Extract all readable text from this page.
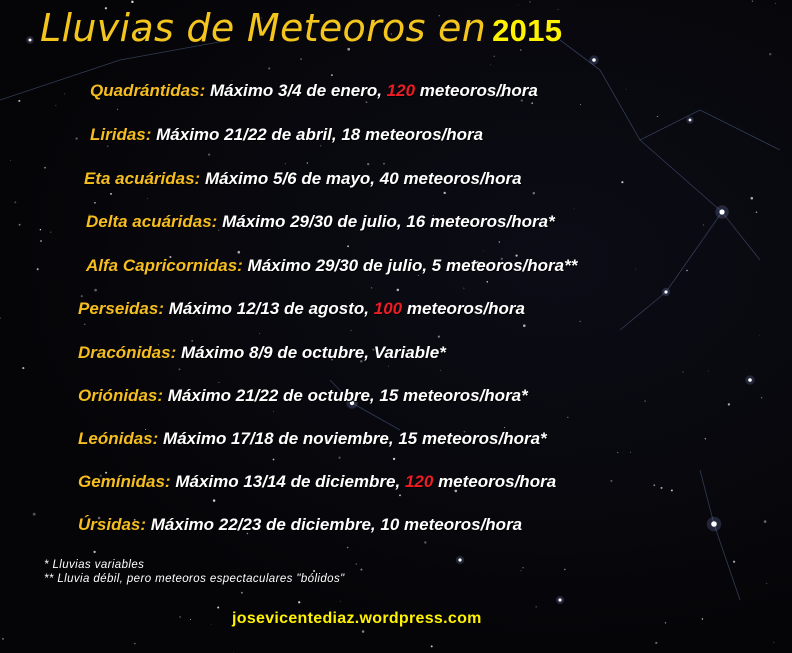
Lluvias de Meteoros en 2015

Quadrántidas: Máximo 3/4 de enero, 120 meteoros/hora

Liridas: Máximo 21/22 de abril, 18 meteoros/hora

Eta acuáridas: Máximo 5/6 de mayo, 40 meteoros/hora

Delta acuáridas: Máximo 29/30 de julio, 16 meteoros/hora*

Alfa Capricornidas: Máximo 29/30 de julio, 5 meteoros/hora**

Perseidas: Máximo 12/13 de agosto, 100 meteoros/hora

Dracónidas: Máximo 8/9 de octubre, Variable*

Oriónidas: Máximo 21/22 de octubre, 15 meteoros/hora*

Leónidas: Máximo 17/18 de noviembre, 15 meteoros/hora*

Gemínidas: Máximo 13/14 de diciembre, 120 meteoros/hora

Úrsidas: Máximo 22/23 de diciembre, 10 meteoros/hora

* Lluvias variables
** Lluvia débil, pero meteoros espectaculares "bólidos"

josevicentediaz.wordpress.com
